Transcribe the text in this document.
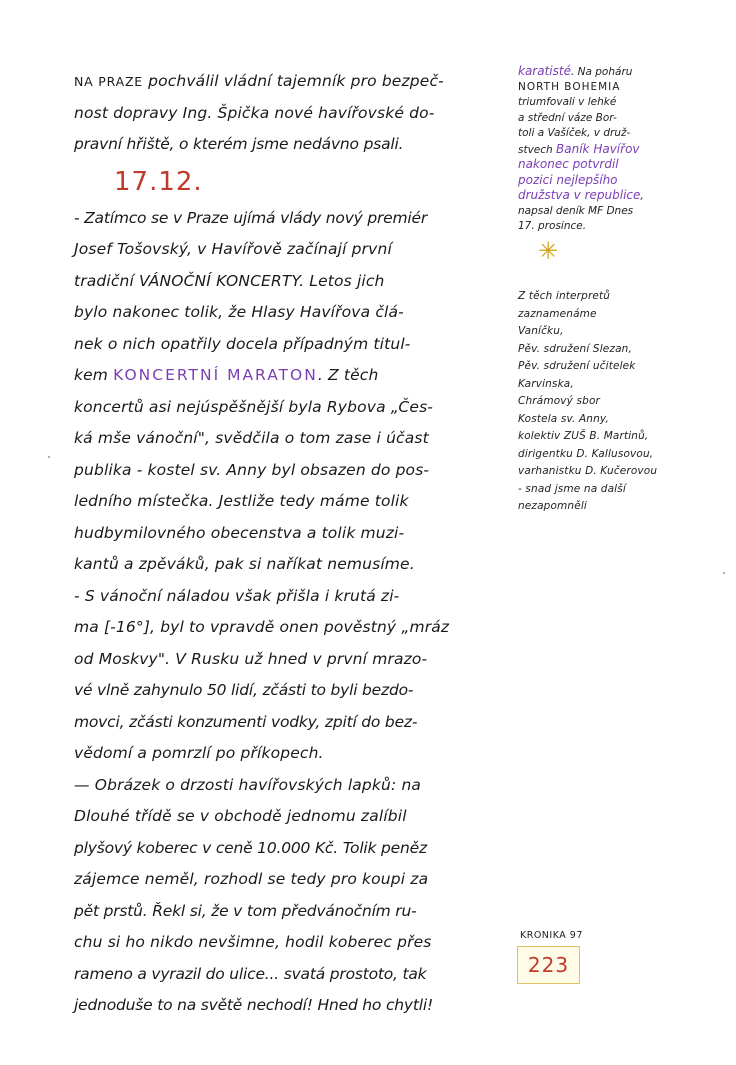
NA PRAZE pochválil vládní tajemník pro bezpeč-
nost dopravy Ing. Špička nové havířovské do-
pravní hřiště, o kterém jsme nedávno psali.
17.12.
- Zatímco se v Praze ujímá vlády nový premiér
Josef Tošovský, v Havířově začínají první
tradiční VÁNOČNÍ KONCERTY. Letos jich
bylo nakonec tolik, že Hlasy Havířova člá-
nek o nich opatřily docela případným titul-
kem KONCERTNÍ MARATON. Z těch
koncertů asi nejúspěšnější byla Rybova „Čes-
ká mše vánoční", svědčila o tom zase i účast
publika - kostel sv. Anny byl obsazen do pos-
ledního místečka. Jestliže tedy máme tolik
hudbymilovného obecenstva a tolik muzi-
kantů a zpěváků, pak si naříkat nemusíme.
- S vánoční náladou však přišla i krutá zi-
ma [-16°], byl to vpravdě onen pověstný „mráz
od Moskvy". V Rusku už hned v první mrazo-
vé vlně zahynulo 50 lidí, zčásti to byli bezdo-
movci, zčásti konzumenti vodky, zpití do bez-
vědomí a pomrzlí po příkopech.
— Obrázek o drzosti havířovských lapků: na
Dlouhé třídě se v obchodě jednomu zalíbil
plyšový koberec v ceně 10.000 Kč. Tolik peněz
zájemce neměl, rozhodl se tedy pro koupi za
pět prstů. Řekl si, že v tom předvánočním ru-
chu si ho nikdo nevšimne, hodil koberec přes
rameno a vyrazil do ulice... svatá prostoto, tak
jednoduše to na světě nechodí! Hned ho chytli!
karatisté. Na poháru
NORTH BOHEMIA
triumfovali v lehké
a střední váze Bor-
toli a Vašíček, v druž-
stvech Baník Havířov
nakonec potvrdil
pozici nejlepšího
družstva v republice,
napsal deník MF Dnes
17. prosince.
✳
Z těch interpretů
zaznamenáme
Vaníčku,
Pěv. sdružení Slezan,
Pěv. sdružení učitelek
Karvinska,
Chrámový sbor
Kostela sv. Anny,
kolektiv ZUŠ B. Martinů,
dirigentku D. Kallusovou,
varhanistku D. Kučerovou
- snad jsme na další
nezapomněli
KRONIKA 97
223
